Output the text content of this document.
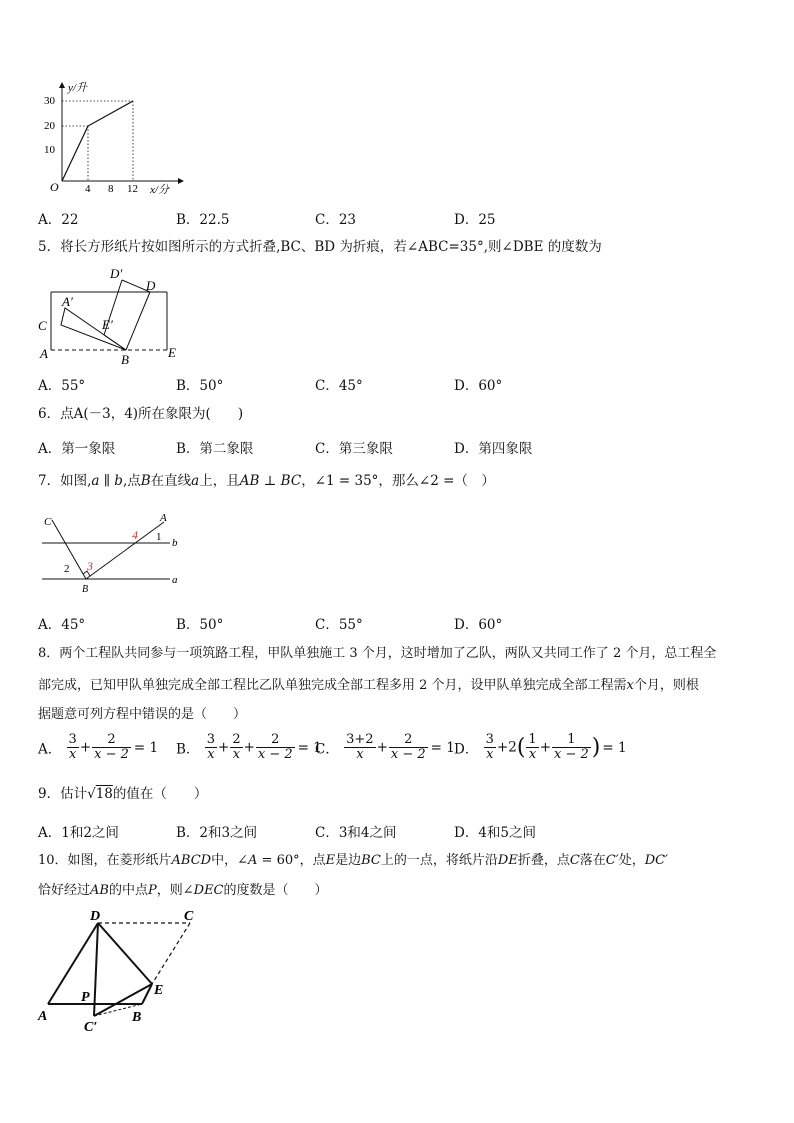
y/升
30
20
10
O 4 8 12 x/分
A．22	B．22.5	C．23	D．25
5．将长方形纸片按如图所示的方式折叠,BC、BD 为折痕，若∠ABC=35°,则∠DBE 的度数为
D′
D
A′
E′
C
A	B	E
A．55°	B．50°	C．45°	D．60°
6．点A(－3，4)所在象限为(　　)
A．第一象限	B．第二象限	C．第三象限	D．第四象限
7．如图,a ∥ b,点B在直线a上，且AB ⊥ BC，∠1 = 35°，那么∠2 =（　）
C	A
4 1 b
2 3
a
B
A．45°	B．50°	C．55°	D．60°
8．两个工程队共同参与一项筑路工程，甲队单独施工 3 个月，这时增加了乙队，两队又共同工作了 2 个月，总工程全
部完成，已知甲队单独完成全部工程比乙队单独完成全部工程多用 2 个月，设甲队单独完成全部工程需x个月，则根
据题意可列方程中错误的是（　　）
A． $\frac{3}{x} + \frac{2}{x - 2} = 1$ B． $\frac{3}{x} + \frac{2}{x} + \frac{2}{x - 2} = 1$
C． $\frac{3+2}{x} + \frac{2}{x - 2} = 1$ D． $\frac{3}{x} +2( \frac{1}{x} + \frac{1}{x - 2}$ ) = 1
9．估计√18的值在（　　）
A．1和2之间	B．2和3之间	C．3和4之间	D．4和5之间
10．如图，在菱形纸片ABCD中，∠A = 60°，点E是边BC上的一点，将纸片沿DE折叠，点C落在C′处，DC′
恰好经过AB的中点P，则∠DEC的度数是（　　）
D	C
E
P
A
C′
B
